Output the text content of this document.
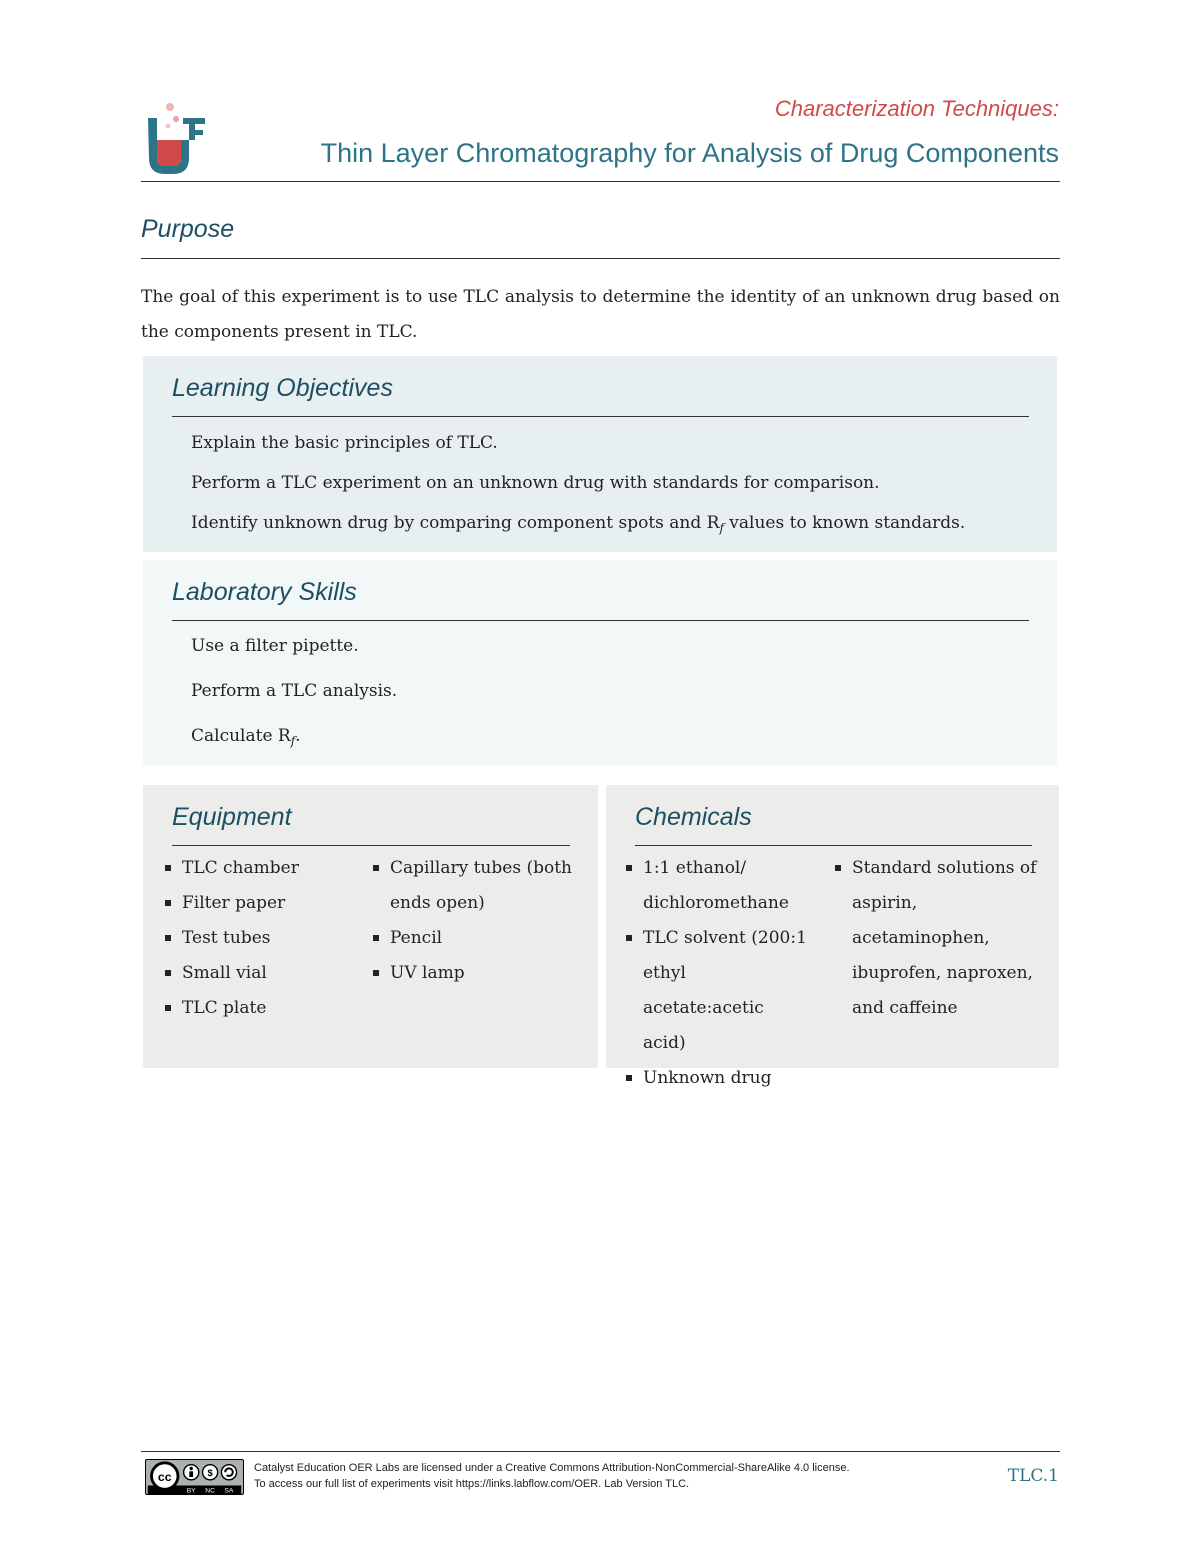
Characterization Techniques:
Thin Layer Chromatography for Analysis of Drug Components
Purpose
The goal of this experiment is to use TLC analysis to determine the identity of an unknown drug based on the components present in TLC.
Learning Objectives
Explain the basic principles of TLC.
Perform a TLC experiment on an unknown drug with standards for comparison.
Identify unknown drug by comparing component spots and $R_f$ values to known standards.
Laboratory Skills
Use a filter pipette.
Perform a TLC analysis.
Calculate $R_f$.
Equipment
TLC chamber
Filter paper
Test tubes
Small vial
TLC plate
Capillary tubes (both ends open)
Pencil
UV lamp
Chemicals
1:1 ethanol/ dichloromethane
TLC solvent (200:1 ethyl acetate:acetic acid)
Unknown drug
Standard solutions of aspirin, acetaminophen, ibuprofen, naproxen, and caffeine
cc	$
BY NC SA
Catalyst Education OER Labs are licensed under a Creative Commons Attribution-NonCommercial-ShareAlike 4.0 license.
To access our full list of experiments visit https://links.labflow.com/OER. Lab Version TLC.	TLC.1
